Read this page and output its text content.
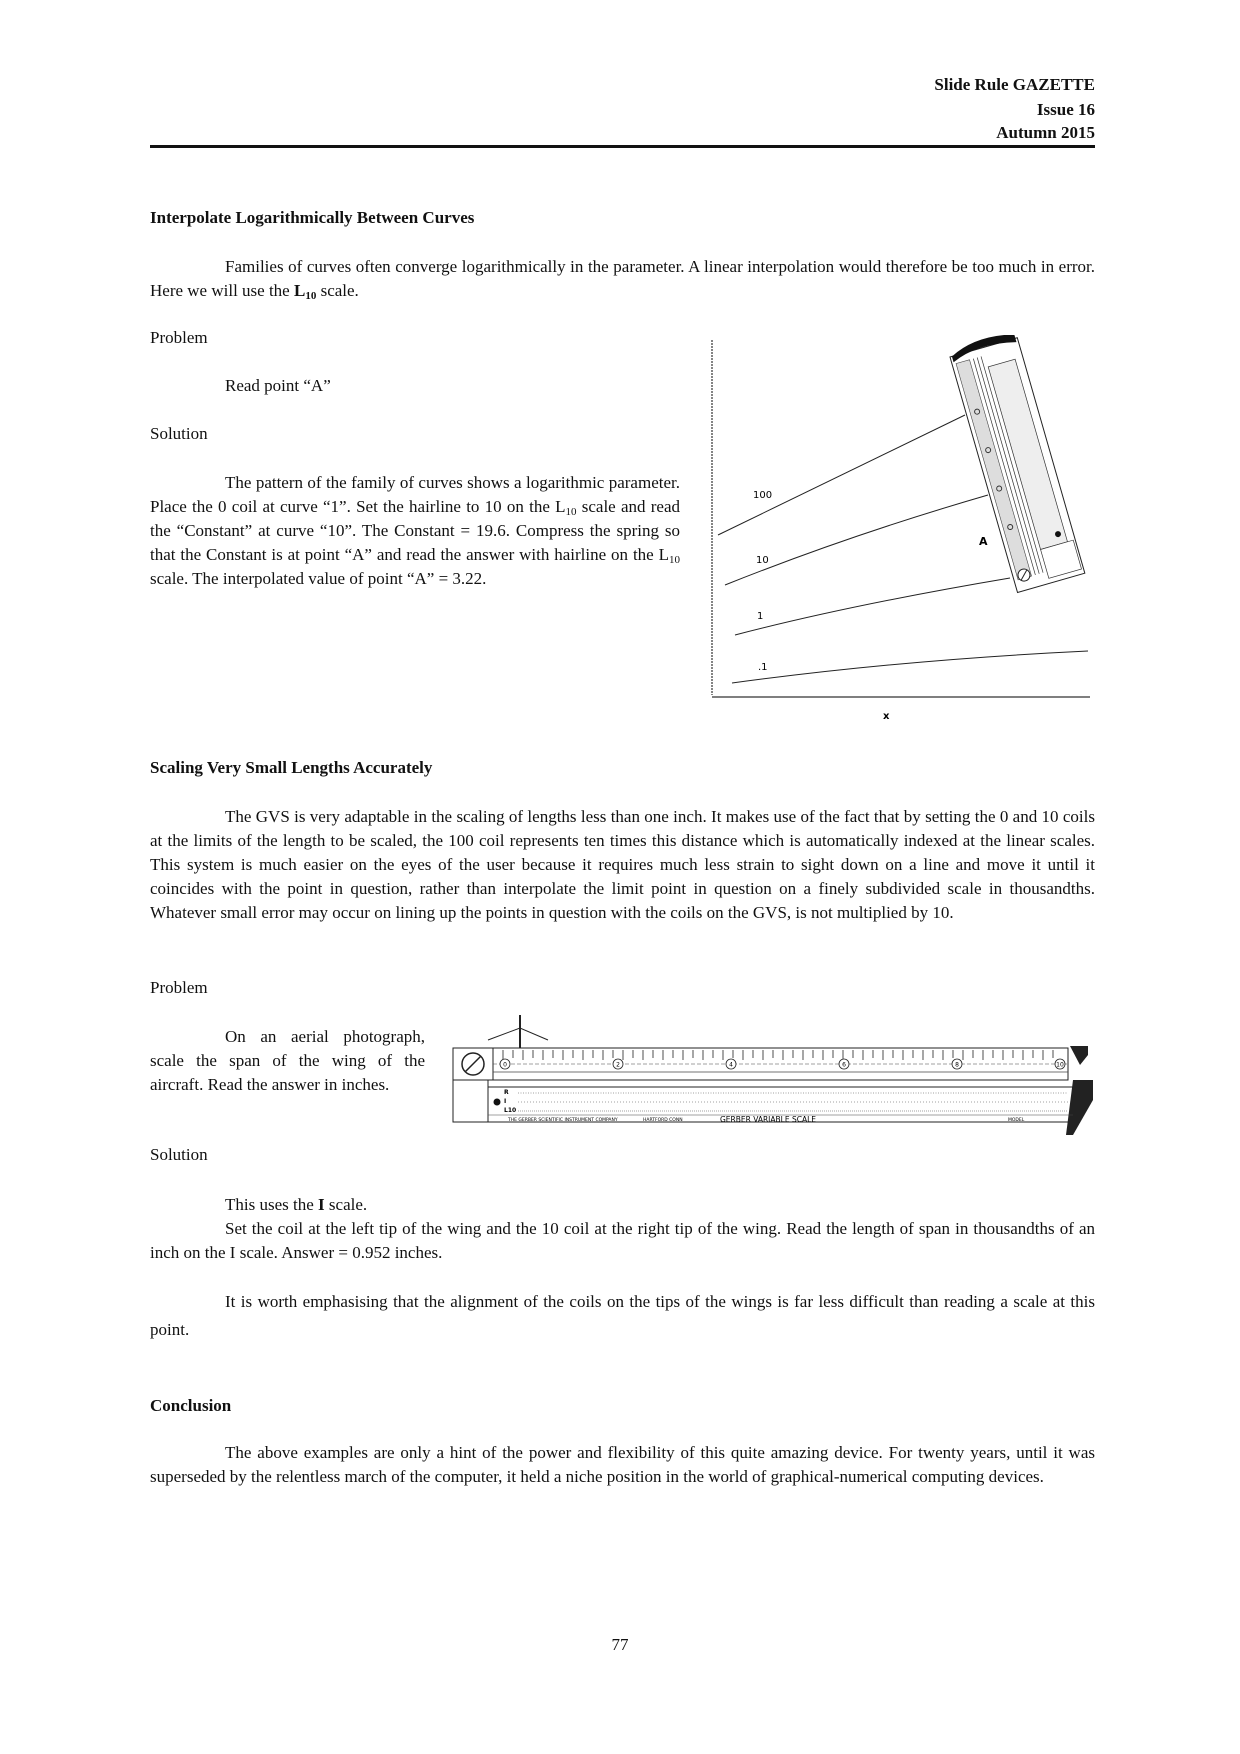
Slide Rule GAZETTE
Issue 16
Autumn 2015
Interpolate Logarithmically Between Curves
Families of curves often converge logarithmically in the parameter. A linear interpolation would therefore be too much in error. Here we will use the $L_{10}$ scale.
Problem
Read point “A”
Solution
The pattern of the family of curves shows a logarithmic parameter. Place the 0 coil at curve “1”. Set the hairline to 10 on the $L_{10}$ scale and read the “Constant” at curve “10”. The Constant = 19.6. Compress the spring so that the Constant is at point “A” and read the answer with hairline on the $L_{10}$ scale. The interpolated value of point “A” = 3.22.
100
10
1
.1
A
x
Scaling Very Small Lengths Accurately
The GVS is very adaptable in the scaling of lengths less than one inch. It makes use of the fact that by setting the 0 and 10 coils at the limits of the length to be scaled, the 100 coil represents ten times this distance which is automatically indexed at the linear scales. This system is much easier on the eyes of the user because it requires much less strain to sight down on a line and move it until it coincides with the point in question, rather than interpolate the limit point in question on a finely subdivided scale in thousandths. Whatever small error may occur on lining up the points in question with the coils on the GVS, is not multiplied by 10.
Problem
On an aerial photograph, scale the span of the wing of the aircraft. Read the answer in inches.
Solution
0	2	4	6	8	10
R
I
L10
THE GERBER SCIENTIFIC INSTRUMENT COMPANY	HARTFORD CONN	MODEL
GERBER VARIABLE SCALE
This uses the I scale.
Set the coil at the left tip of the wing and the 10 coil at the right tip of the wing. Read the length of span in thousandths of an inch on the I scale. Answer = 0.952 inches.
It is worth emphasising that the alignment of the coils on the tips of the wings is far less difficult than reading a scale at this point.
Conclusion
The above examples are only a hint of the power and flexibility of this quite amazing device. For twenty years, until it was superseded by the relentless march of the computer, it held a niche position in the world of graphical-numerical computing devices.
77
